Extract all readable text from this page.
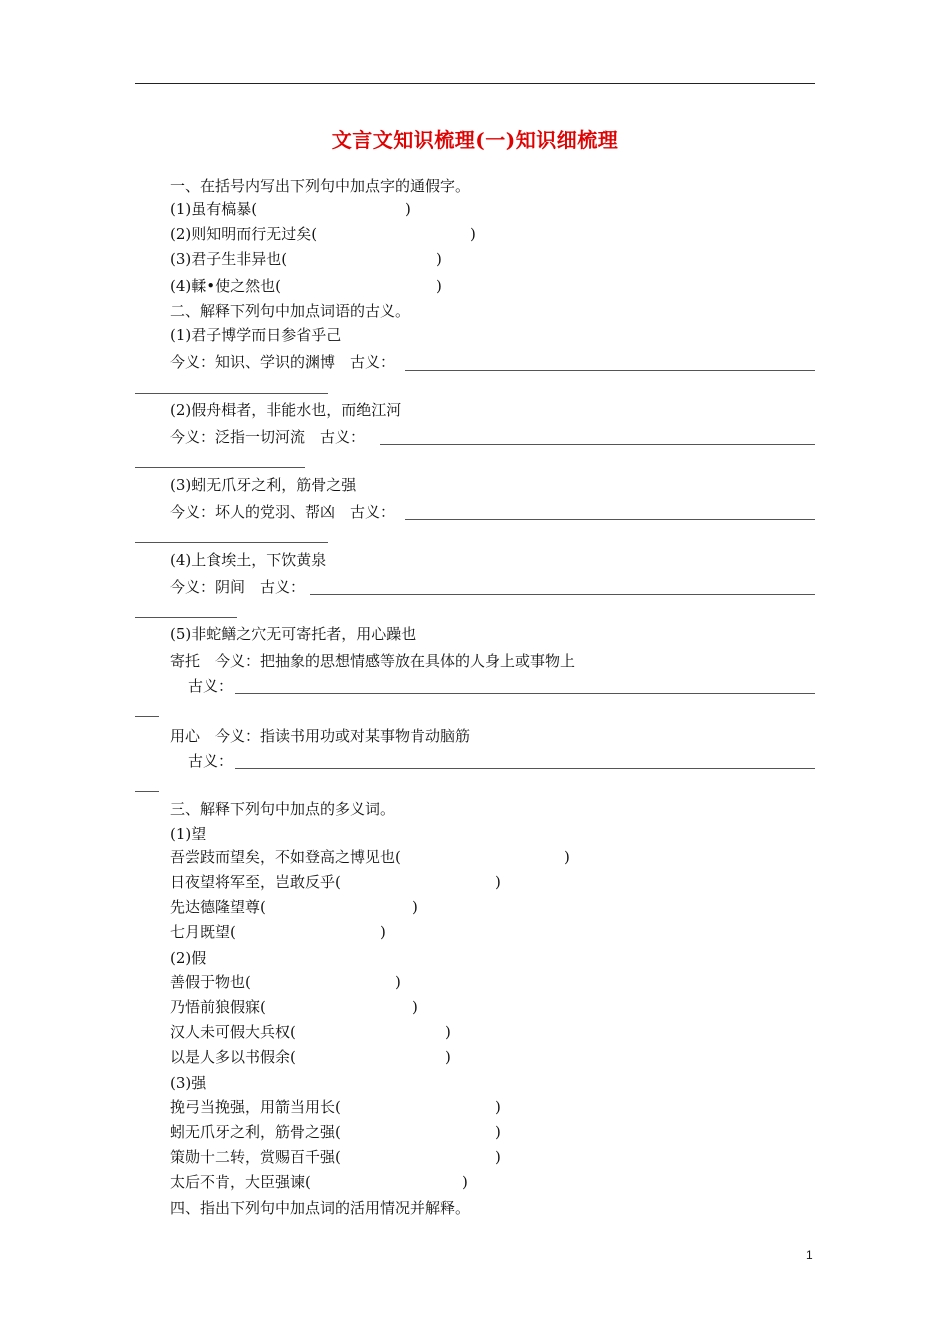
文言文知识梳理(一)知识细梳理
一、在括号内写出下列句中加点字的通假字。
(1)虽有槁暴(	)
(2)则知明而行无过矣(	)
(3)君子生非异也(	)
(4)輮•使之然也(	)
二、解释下列句中加点词语的古义。
(1)君子博学而日参省乎己
今义：知识、学识的渊博　古义：
(2)假舟楫者，非能水也，而绝江河
今义：泛指一切河流　古义：
(3)蚓无爪牙之利，筋骨之强
今义：坏人的党羽、帮凶　古义：
(4)上食埃土，下饮黄泉
今义：阴间　古义：
(5)非蛇鳝之穴无可寄托者，用心躁也
寄托　今义：把抽象的思想情感等放在具体的人身上或事物上
古义：
用心　今义：指读书用功或对某事物肯动脑筋
古义：
三、解释下列句中加点的多义词。
(1)望
吾尝跂而望矣，不如登高之博见也(	)
日夜望将军至，岂敢反乎(	)
先达德隆望尊(	)
七月既望(	)
(2)假
善假于物也(	)
乃悟前狼假寐(	)
汉人未可假大兵权(	)
以是人多以书假余(	)
(3)强
挽弓当挽强，用箭当用长(	)
蚓无爪牙之利，筋骨之强(	)
策勋十二转，赏赐百千强(	)
太后不肯，大臣强谏(	)
四、指出下列句中加点词的活用情况并解释。
1
